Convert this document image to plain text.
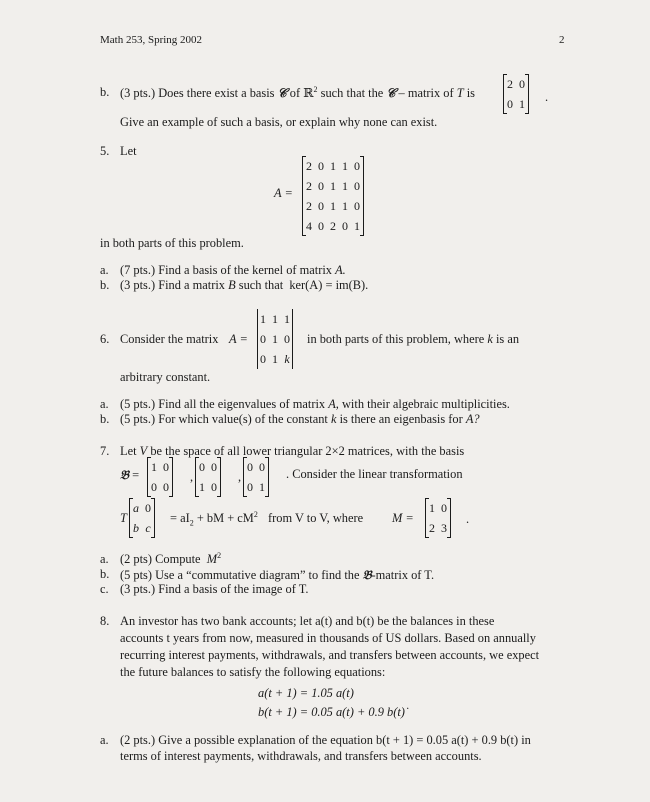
Math 253, Spring 2002	2
b. (3 pts.) Does there exist a basis 𝒞 of ℝ$^2$ such that the 𝒞 – matrix of T is
2	0
0	1 .
Give an example of such a basis, or explain why none can exist.
5. Let
A =
2	0	1	1	0
2	0	1	1	0
2	0	1	1	0
4	0	2	0	1
in both parts of this problem.
a. (7 pts.) Find a basis of the kernel of matrix A.
b. (3 pts.) Find a matrix B such that ker(A) = im(B).
6. Consider the matrix A =
1	1	1
0	1	0
0	1	k
in both parts of this problem, where k is an
arbitrary constant.
a. (5 pts.) Find all the eigenvalues of matrix A, with their algebraic multiplicities.
b. (5 pts.) For which value(s) of the constant k is there an eigenbasis for A?
7. Let V be the space of all lower triangular 2×2 matrices, with the basis
𝔅 =
1	0
0	0
,
0	0
1	0
,
0	0
0	1
. Consider the linear transformation
T
a	0
b	c
= $aI_2$ + bM + $cM^2$ from V to V, where M =
1	0
2	3
.
a. (2 pts) Compute $M^2$
b. (5 pts) Use a “commutative diagram” to find the 𝔅-matrix of T.
c. (3 pts.) Find a basis of the image of T.
8. An investor has two bank accounts; let a(t) and b(t) be the balances in these
accounts t years from now, measured in thousands of US dollars. Based on annually
recurring interest payments, withdrawals, and transfers between accounts, we expect
the future balances to satisfy the following equations:
a(t + 1) = 1.05 a(t)
b(t + 1) = 0.05 a(t) + 0.9 b(t)˙
a. (2 pts.) Give a possible explanation of the equation b(t + 1) = 0.05 a(t) + 0.9 b(t) in
terms of interest payments, withdrawals, and transfers between accounts.
